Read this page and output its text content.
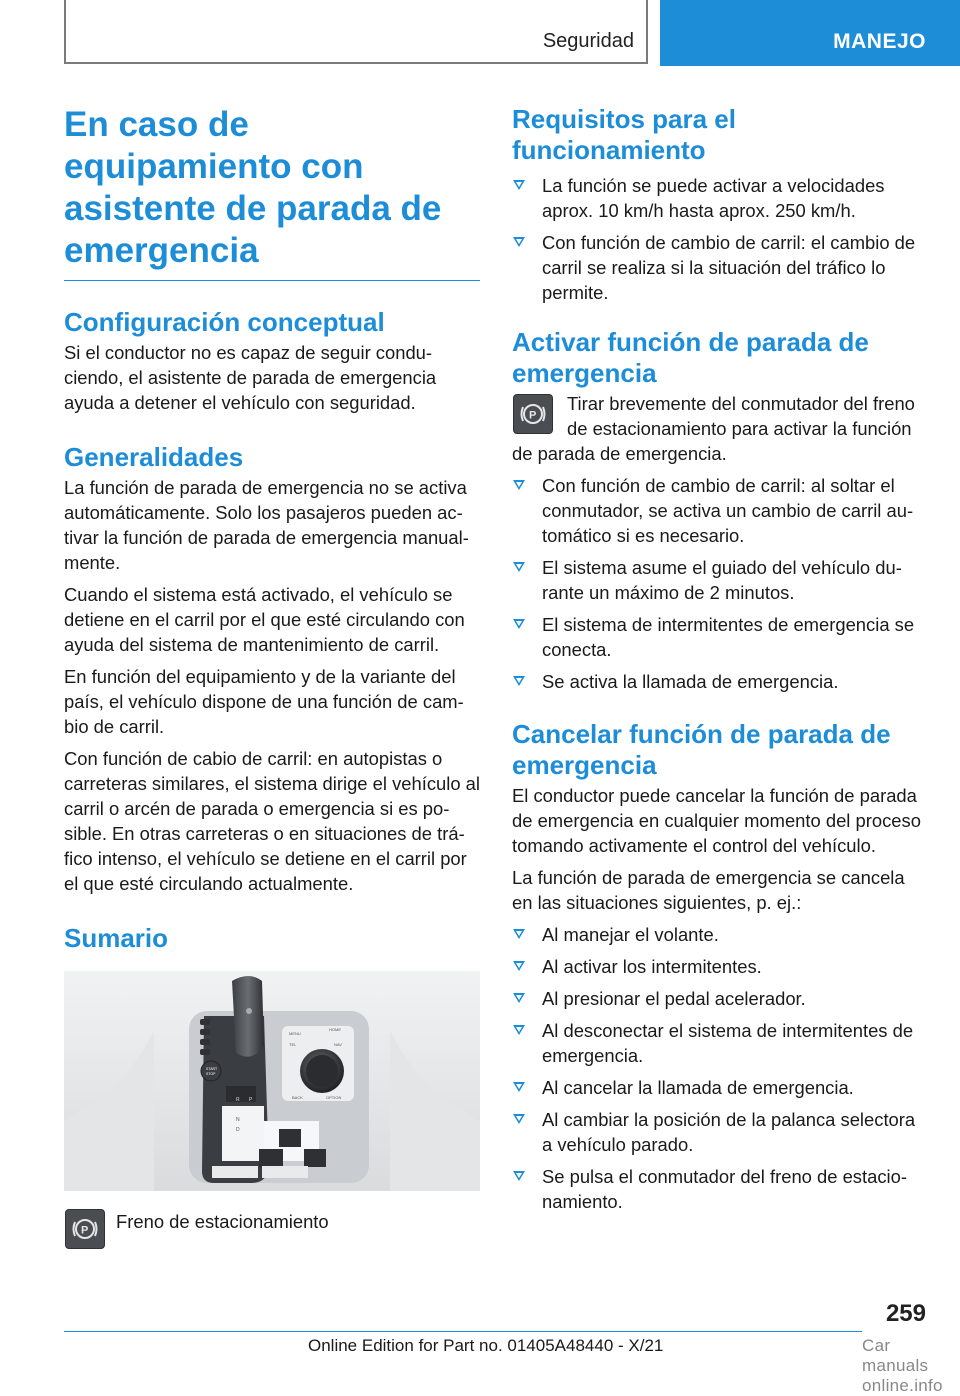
Seguridad	MANEJO
En caso de equipamiento con asistente de parada de emergencia
Configuración conceptual

Si el conductor no es capaz de seguir conduciendo, el asistente de parada de emergencia ayuda a detener el vehículo con seguridad.

Generalidades

La función de parada de emergencia no se activa automáticamente. Solo los pasajeros pueden activar la función de parada de emergencia manualmente.

Cuando el sistema está activado, el vehículo se detiene en el carril por el que esté circulando con ayuda del sistema de mantenimiento de carril.

En función del equipamiento y de la variante del país, el vehículo dispone de una función de cambio de carril.

Con función de cabio de carril: en autopistas o carreteras similares, el sistema dirige el vehículo al carril o arcén de parada o emergencia si es posible. En otras carreteras o en situaciones de tráfico intenso, el vehículo se detiene en el carril por el que esté circulando actualmente.

Sumario
START
STOP
R
N
D
P
MENU
HOME
TEL	NAV
BACK	OPTION
P Freno de estacionamiento

Requisitos para el funcionamiento
La función se puede activar a velocidades aprox. 10 km/h hasta aprox. 250 km/h.
Con función de cambio de carril: el cambio de carril se realiza si la situación del tráfico lo permite.
Activar función de parada de emergencia
P

Tirar brevemente del conmutador del freno de estacionamiento para activar la función de parada de emergencia.

Con función de cambio de carril: al soltar el conmutador, se activa un cambio de carril automático si es necesario.
El sistema asume el guiado del vehículo durante un máximo de 2 minutos.
El sistema de intermitentes de emergencia se conecta.
Se activa la llamada de emergencia.
Cancelar función de parada de emergencia

El conductor puede cancelar la función de parada de emergencia en cualquier momento del proceso tomando activamente el control del vehículo.

La función de parada de emergencia se cancela en las situaciones siguientes, p. ej.:

Al manejar el volante.
Al activar los intermitentes.
Al presionar el pedal acelerador.
Al desconectar el sistema de intermitentes de emergencia.
Al cancelar la llamada de emergencia.
Al cambiar la posición de la palanca selectora a vehículo parado.
Se pulsa el conmutador del freno de estacionamiento.
259
Online Edition for Part no. 01405A48440 - X/21	Car manuals online.info
